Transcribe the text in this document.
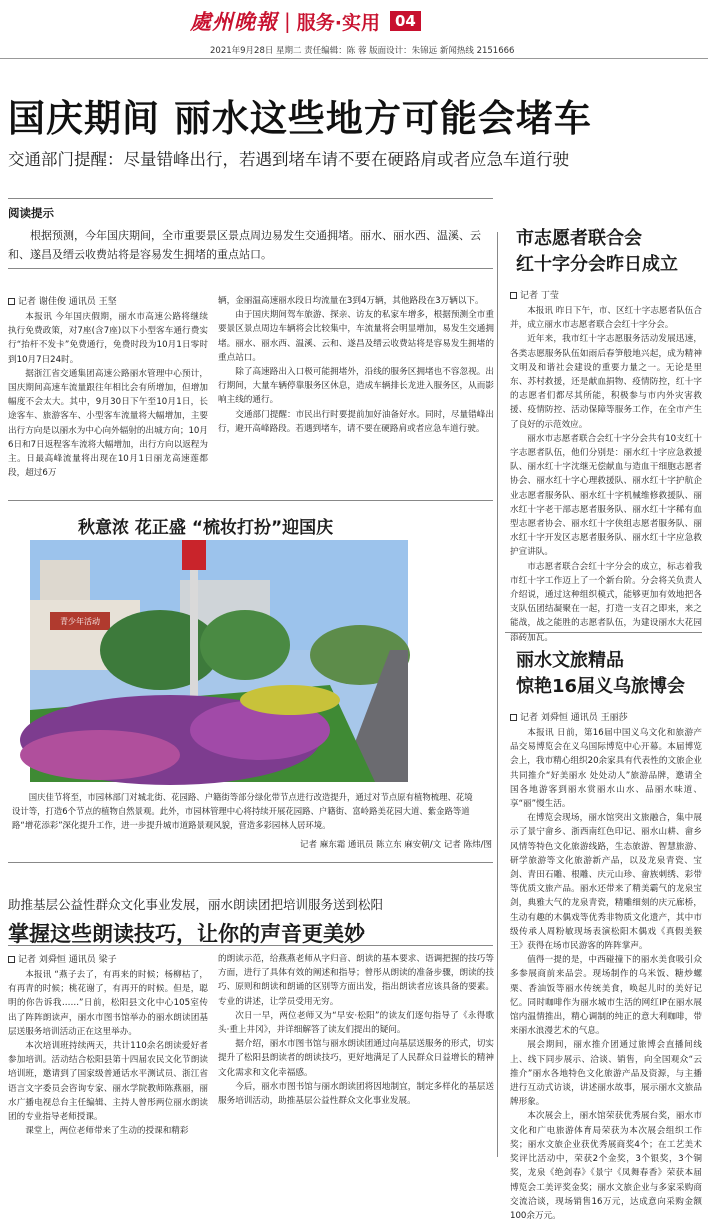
處州晚報 | 服务·实用	04
2021年9月28日 星期二 责任编辑：陈 蓉 版面设计：朱锦远 新闻热线 2151666
国庆期间 丽水这些地方可能会堵车
交通部门提醒：尽量错峰出行，若遇到堵车请不要在硬路肩或者应急车道行驶
阅读提示
根据预测，今年国庆期间，全市重要景区景点周边易发生交通拥堵。丽水、丽水西、温溪、云和、遂昌及缙云收费站将是容易发生拥堵的重点站口。
记者 谢佳俊 通讯员 王坚

本报讯 今年国庆假期，丽水市高速公路将继续执行免费政策，对7座(含7座)以下小型客车通行费实行“抬杆不发卡”免费通行，免费时段为10月1日零时到10月7日24时。

据浙江省交通集团高速公路丽水管理中心预计，国庆期间高速车流量跟往年相比会有所增加，但增加幅度不会太大。其中，9月30日下午至10月1日，长途客车、旅游客车、小型客车流量将大幅增加，主要出行方向是以丽水为中心向外辐射的出城方向；10月6日和7日返程客车流将大幅增加，出行方向以返程为主。日最高峰流量将出现在10月1日丽龙高速莲都段，超过6万

辆，金丽温高速丽水段日均流量在3到4万辆，其他路段在3万辆以下。

由于国庆期间驾车旅游、探亲、访友的私家车增多，根据预测全市重要景区景点周边车辆将会比较集中，车流量将会明显增加，易发生交通拥堵。丽水、丽水西、温溪、云和、遂昌及缙云收费站将是容易发生拥堵的重点站口。

除了高速路出入口极可能拥堵外，沿线的服务区拥堵也不容忽视。出行期间，大量车辆停靠服务区休息，造成车辆排长龙进入服务区，从而影响主线的通行。

交通部门提醒：市民出行时要提前加好油备好水。同时，尽量错峰出行，避开高峰路段。若遇到堵车，请不要在硬路肩或者应急车道行驶。

秋意浓 花正盛 “梳妆打扮”迎国庆
青少年活动
国庆佳节将至，市园林部门对城北街、花园路、户籍街等部分绿化带节点进行改造提升，通过对节点原有植物梳理、花境设计等，打造6个节点的植物自然景观。此外，市园林管理中心将持续开展花园路、户籍街、富岭路美花园大道、紫金路等道路“增花添彩”深化提升工作，进一步提升城市道路景观风貌，营造多彩园林人居环境。
记者 麻东霜 通讯员 陈立东 麻安朝/文 记者 陈炜/图
助推基层公益性群众文化事业发展，丽水朗读团把培训服务送到松阳
掌握这些朗读技巧，让你的声音更美妙
记者 刘舜恒 通讯员 梁子

本报讯 “燕子去了，有再来的时候；杨柳枯了，有再青的时候；桃花谢了，有再开的时候。但是，聪明的你告诉我……”日前，松阳县文化中心105室传出了阵阵朗读声，丽水市图书馆举办的丽水朗读团基层送服务培训活动正在这里举办。

本次培训班持续两天，共计110余名朗读爱好者参加培训。活动结合松阳县第十四届农民文化节朗读培训班，邀请到了国家级普通话水平测试员、浙江省语言文字委员会咨询专家、丽水学院教师陈燕丽，丽水广播电视总台主任编辑、主持人曾彤两位丽水朗读团的专业指导老师授课。

课堂上，两位老师带来了生动的授课和精彩

的朗读示范，给燕燕老师从字归音、朗读的基本要求、语调把握的技巧等方面，进行了具体有效的阐述和指导；曾彤从朗读的准备步骤，朗读的技巧、原则和朗读和朗诵的区别等方面出发，指出朗读者应该具备的要素。专业的讲述，让学员受用无穷。

次日一早，两位老师又为“早安·松阳”的读友们逐句指导了《永得歌头·重上井冈》，并详细解答了读友们提出的疑问。

据介绍，丽水市图书馆与丽水朗读团通过向基层送服务的形式，切实提升了松阳县朗读者的朗读技巧，更好地满足了人民群众日益增长的精神文化需求和文化幸福感。

今后，丽水市图书馆与丽水朗读团将因地制宜，制定多样化的基层送服务培训活动，助推基层公益性群众文化事业发展。

市志愿者联合会
红十字分会昨日成立
记者 丁莹

本报讯 昨日下午，市、区红十字志愿者队伍合并，成立丽水市志愿者联合会红十字分会。

近年来，我市红十字志愿服务活动发展迅速，各类志愿服务队伍如雨后春笋般地兴起，成为精神文明及和谐社会建设的重要力量之一。无论是里东、苏村救援，还是献血捐物、疫情防控，红十字的志愿者们都尽其所能，积极参与市内外灾害救援、疫情防控、活动保障等服务工作，在全市产生了良好的示范效应。

丽水市志愿者联合会红十字分会共有10支红十字志愿者队伍，他们分别是：丽水红十字应急救援队、丽水红十字沈继无偿献血与造血干细胞志愿者协会、丽水红十字心理救援队、丽水红十字护航企业志愿者服务队、丽水红十字机械维修救援队、丽水红十字老干部志愿者服务队、丽水红十字稀有血型志愿者协会、丽水红十字侠组志愿者服务队、丽水红十字开发区志愿者服务队、丽水红十字应急救护宣讲队。

市志愿者联合会红十字分会的成立，标志着我市红十字工作迈上了一个新台阶。分会将关负责人介绍说，通过这种组织模式，能够更加有效地把各支队伍团结凝聚在一起，打造一支召之即来，来之能战，战之能胜的志愿者队伍，为建设丽水大花园添砖加瓦。

丽水文旅精品
惊艳16届义乌旅博会
记者 刘舜恒 通讯员 王丽莎

本报讯 日前，第16届中国义乌文化和旅游产品交易博览会在义乌国际博览中心开幕。本届博览会上，我市精心组织20余家具有代表性的文旅企业共同推介“好美丽水 处处动人”旅游品牌，邀请全国各地游客到丽水赏丽水山水、品丽水味道、享“丽”慢生活。

在博览会现场，丽水馆突出文旅融合，集中展示了景宁畲乡、浙西南红色印记、丽水山耕、畲乡风情等特色文化旅游线路，生态旅游、智慧旅游、研学旅游等文化旅游新产品，以及龙泉青瓷、宝剑、青田石雕、根雕、庆元山珍、畲族刺绣、彩带等优质文旅产品。丽水还带来了精美霸气的龙泉宝剑，典雅大气的龙泉青瓷，精雕细刻的庆元廊桥，生动有趣的木偶戏等优秀非物质文化遗产，其中市级传承人周粉敏现场表演松阳木偶戏《真假美猴王》获得在场市民游客的阵阵掌声。

值得一提的是，中西碰撞下的丽水美食吸引众多参展商前来品尝。现场制作的乌米饭、糖炒螺栗、香油饭等丽水传统美食，唤起儿时的美好记忆。同时咖啡作为丽水城市生活的网红IP在丽水展馆内温情推出，精心调制的纯正的意大利咖啡，带来丽水浪漫艺术的气息。

展会期间，丽水推介团通过旅博会直播间线上、线下同步展示、洽谈、销售，向全国观众“云推介”丽水各地特色文化旅游产品及资源，与主播进行互动式访谈，讲述丽水故事，展示丽水文旅品牌形象。

本次展会上，丽水馆荣获优秀展台奖，丽水市文化和广电旅游体育局荣获为本次展会组织工作奖；丽水文旅企业获优秀展商奖4个；在工艺美术奖评比活动中，荣获2个金奖，3个银奖，3个铜奖，龙泉《绝剑春》《景宁《凤舞春香》荣获本届博览会工美评奖金奖；丽水文旅企业与多家采购商交流洽谈，现场销售16万元，达成意向采购金额100余万元。
